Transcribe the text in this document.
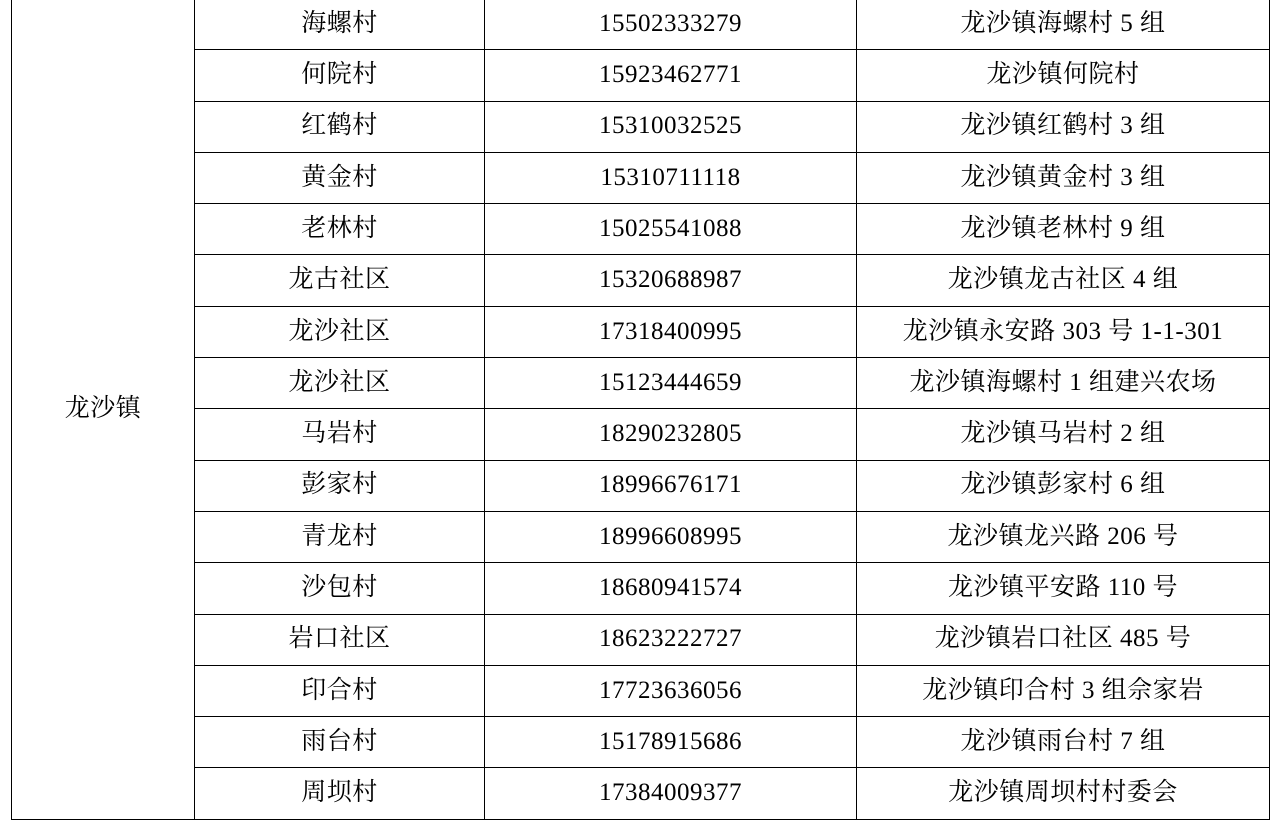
龙沙镇	海螺村	15502333279	龙沙镇海螺村 5 组
	何院村	15923462771	龙沙镇何院村
	红鹤村	15310032525	龙沙镇红鹤村 3 组
	黄金村	15310711118	龙沙镇黄金村 3 组
	老林村	15025541088	龙沙镇老林村 9 组
	龙古社区	15320688987	龙沙镇龙古社区 4 组
	龙沙社区	17318400995	龙沙镇永安路 303 号 1-1-301
	龙沙社区	15123444659	龙沙镇海螺村 1 组建兴农场
	马岩村	18290232805	龙沙镇马岩村 2 组
	彭家村	18996676171	龙沙镇彭家村 6 组
	青龙村	18996608995	龙沙镇龙兴路 206 号
	沙包村	18680941574	龙沙镇平安路 110 号
	岩口社区	18623222727	龙沙镇岩口社区 485 号
	印合村	17723636056	龙沙镇印合村 3 组佘家岩
	雨台村	15178915686	龙沙镇雨台村 7 组
	周坝村	17384009377	龙沙镇周坝村村委会
